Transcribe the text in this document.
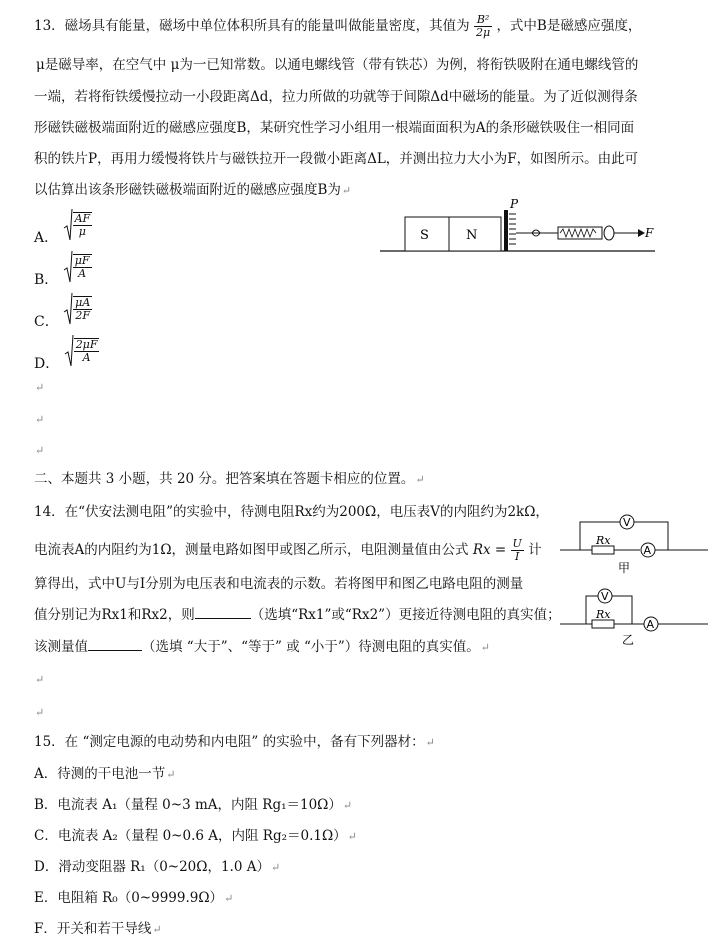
13．磁场具有能量，磁场中单位体积所具有的能量叫做能量密度，其值为 $\frac{\text{B²}}{2\mu}$ ，式中B是磁感应强度，
μ是磁导率，在空气中 μ为一已知常数。以通电螺线管（带有铁芯）为例，将衔铁吸附在通电螺线管的
一端，若将衔铁缓慢拉动一小段距离Δd，拉力所做的功就等于间隙Δd中磁场的能量。为了近似测得条
形磁铁磁极端面附近的磁感应强度B，某研究性学习小组用一根端面面积为A的条形磁铁吸住一相同面
积的铁片P，再用力缓慢将铁片与磁铁拉开一段微小距离ΔL，并测出拉力大小为F，如图所示。由此可
以估算出该条形磁铁磁极端面附近的磁感应强度B为↵
A． $\frac{AF}{\mu}$
B． $\frac{\mu F}{A}$
C． $\frac{\mu A}{2F}$
D． $\frac{2\mu F}{A}$
S	N
P
F
↵
↵
↵
二、本题共 3 小题，共 20 分。把答案填在答题卡相应的位置。↵
14．在“伏安法测电阻”的实验中，待测电阻Rx约为200Ω，电压表V的内阻约为2kΩ，
电流表A的内阻约为1Ω，测量电路如图甲或图乙所示，电阻测量值由公式 $Rx = \frac{U}{I}$ 计
算得出，式中U与I分别为电压表和电流表的示数。若将图甲和图乙电路电阻的测量
值分别记为Rx1和Rx2，则	（选填“Rx1”或“Rx2”）更接近待测电阻的真实值；
该测量值	（选填 “大于”、“等于” 或 “小于”）待测电阻的真实值。↵
Rx
A
V
甲
Rx
V
A
乙
↵
↵
15．在 “测定电源的电动势和内电阻” 的实验中，备有下列器材：↵
A．待测的干电池一节↵
B．电流表 A₁（量程 0~3 mA，内阻 Rg₁＝10Ω）↵
C．电流表 A₂（量程 0~0.6 A，内阻 Rg₂＝0.1Ω）↵
D．滑动变阻器 R₁（0~20Ω，1.0 A）↵
E．电阻箱 R₀（0~9999.9Ω）↵
F．开关和若干导线↵
